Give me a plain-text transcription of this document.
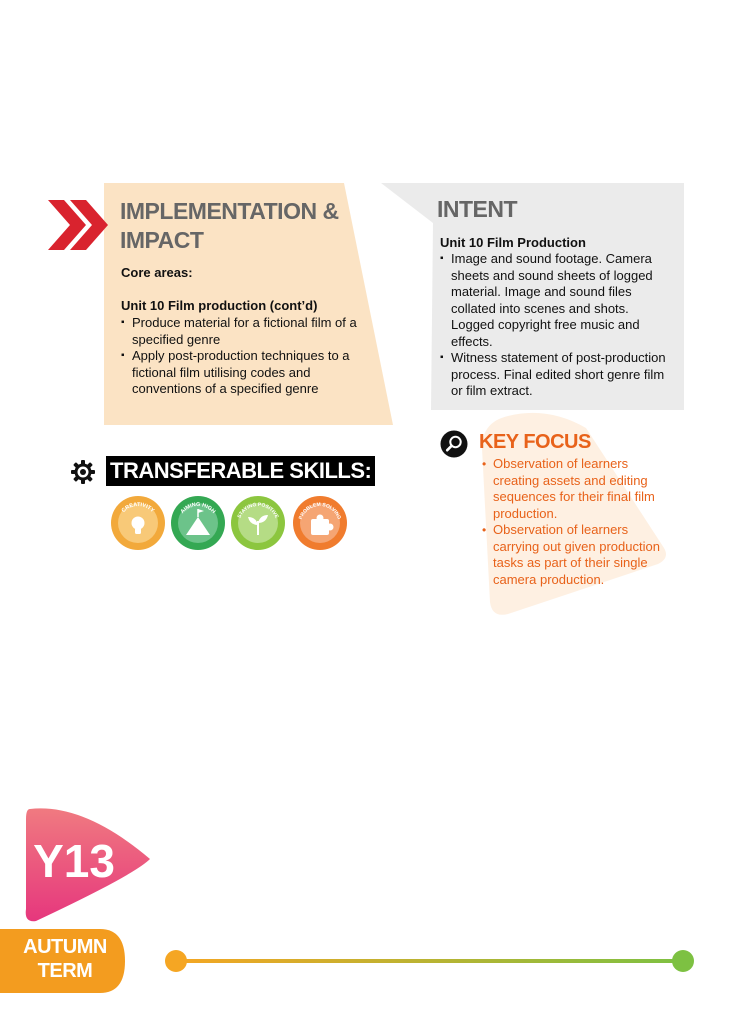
IMPLEMENTATION &
IMPACT
Core areas:
Unit 10 Film production (cont’d)
▪ Produce material for a fictional film of a specified genre
▪ Apply post-production techniques to a fictional film utilising codes and conventions of a specified genre
INTENT
Unit 10 Film Production
▪ Image and sound footage. Camera sheets and sound sheets of logged material. Image and sound files collated into scenes and shots. Logged copyright free music and effects.
▪ Witness statement of post-production process. Final edited short genre film or film extract.
KEY FOCUS
• Observation of learners creating assets and editing sequences for their final film production.
• Observation of learners carrying out given production tasks as part of their single camera production.
TRANSFERABLE SKILLS:
CREATIVITY	AIMING HIGH
STAYING POSITIVE	PROBLEM SOLVING
Y13
AUTUMN
TERM
